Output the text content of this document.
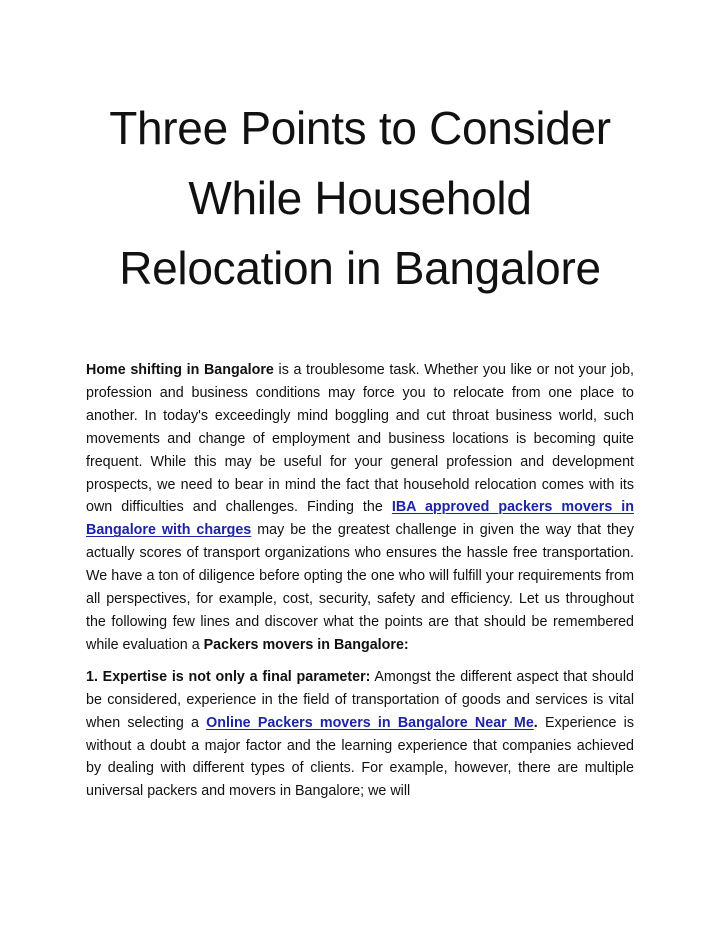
Three Points to Consider
While Household
Relocation in Bangalore

Home shifting in Bangalore is a troublesome task. Whether you like or not your job, profession and business conditions may force you to relocate from one place to another. In today's exceedingly mind boggling and cut throat business world, such movements and change of employment and business locations is becoming quite frequent. While this may be useful for your general profession and development prospects, we need to bear in mind the fact that household relocation comes with its own difficulties and challenges. Finding the IBA approved packers movers in Bangalore with charges may be the greatest challenge in given the way that they actually scores of transport organizations who ensures the hassle free transportation. We have a ton of diligence before opting the one who will fulfill your requirements from all perspectives, for example, cost, security, safety and efficiency. Let us throughout the following few lines and discover what the points are that should be remembered while evaluation a Packers movers in Bangalore:

1. Expertise is not only a final parameter: Amongst the different aspect that should be considered, experience in the field of transportation of goods and services is vital when selecting a Online Packers movers in Bangalore Near Me. Experience is without a doubt a major factor and the learning experience that companies achieved by dealing with different types of clients. For example, however, there are multiple universal packers and movers in Bangalore; we will
